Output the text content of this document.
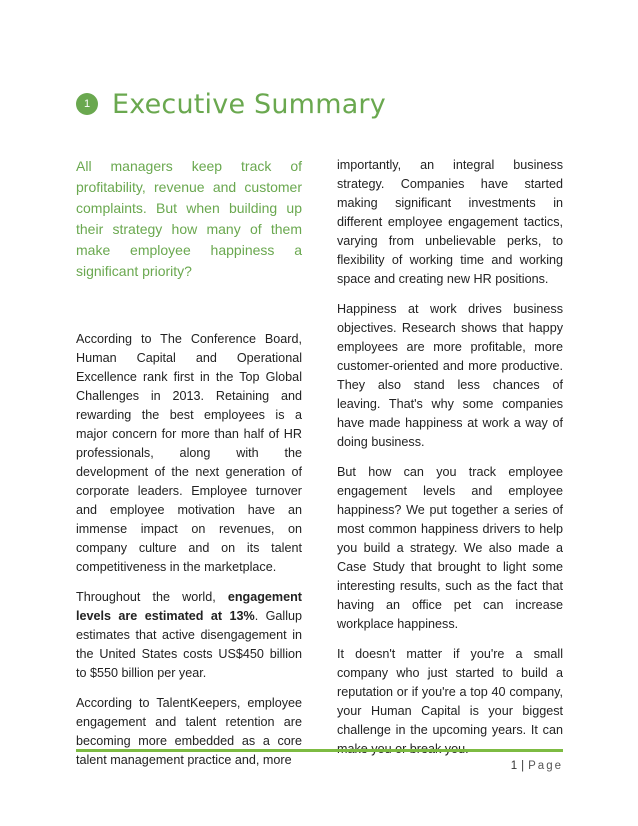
1 Executive Summary

All managers keep track of profitability, revenue and customer complaints. But when building up their strategy how many of them make employee happiness a significant priority?

According to The Conference Board, Human Capital and Operational Excellence rank first in the Top Global Challenges in 2013. Retaining and rewarding the best employees is a major concern for more than half of HR professionals, along with the development of the next generation of corporate leaders. Employee turnover and employee motivation have an immense impact on revenues, on company culture and on its talent competitiveness in the marketplace.

Throughout the world, engagement levels are estimated at 13%. Gallup estimates that active disengagement in the United States costs US$450 billion to $550 billion per year.

According to TalentKeepers, employee engagement and talent retention are becoming more embedded as a core talent management practice and, more

importantly, an integral business strategy. Companies have started making significant investments in different employee engagement tactics, varying from unbelievable perks, to flexibility of working time and working space and creating new HR positions.

Happiness at work drives business objectives. Research shows that happy employees are more profitable, more customer-oriented and more productive. They also stand less chances of leaving. That's why some companies have made happiness at work a way of doing business.

But how can you track employee engagement levels and employee happiness? We put together a series of most common happiness drivers to help you build a strategy. We also made a Case Study that brought to light some interesting results, such as the fact that having an office pet can increase workplace happiness.

It doesn't matter if you're a small company who just started to build a reputation or if you're a top 40 company, your Human Capital is your biggest challenge in the upcoming years. It can

1 | Page
